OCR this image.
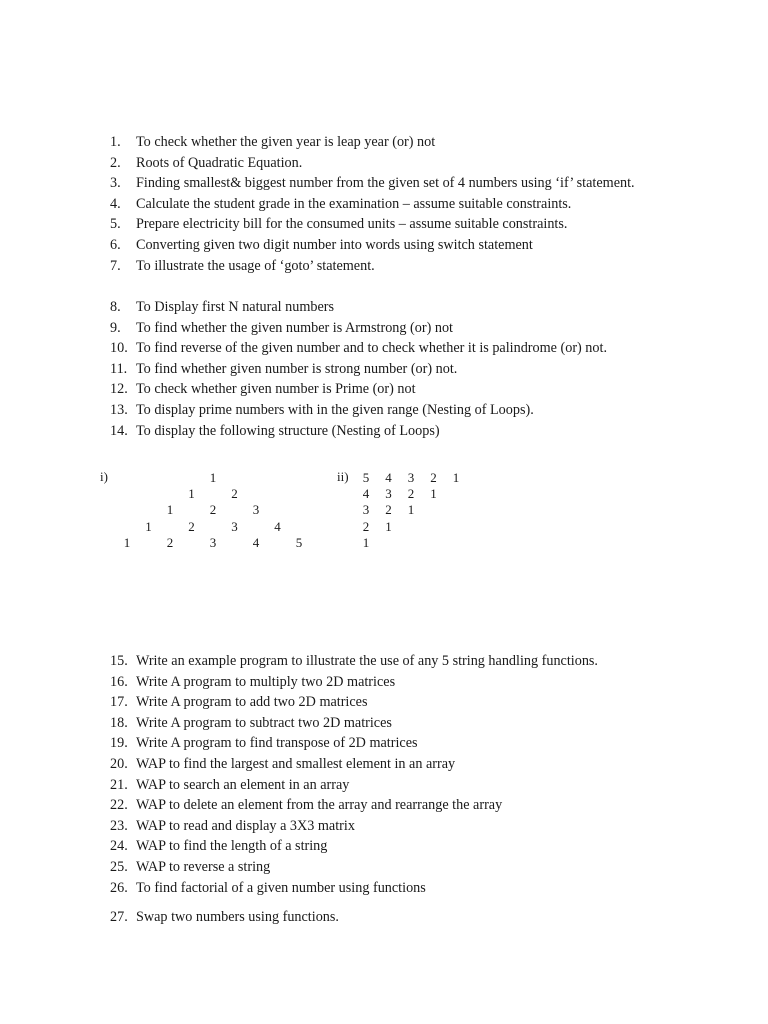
1. To check whether the given year is leap year (or) not
2. Roots of Quadratic Equation.
3. Finding smallest& biggest number from the given set of 4 numbers using ‘if’ statement.
4. Calculate the student grade in the examination – assume suitable constraints.
5. Prepare electricity bill for the consumed units – assume suitable constraints.
6. Converting given two digit number into words using switch statement
7. To illustrate the usage of ‘goto’ statement.
8. To Display first N natural numbers
9. To find whether the given number is Armstrong (or) not
10. To find reverse of the given number and to check whether it is palindrome (or) not.
11. To find whether given number is strong number (or) not.
12. To check whether given number is Prime (or) not
13. To display prime numbers with in the given range (Nesting of Loops).
14. To display the following structure (Nesting of Loops)
i)	1
1	2
1	2	3
1	2	3	4
1	2	3	4	5
ii) 5 4 3 2 1
4 3 2 1
3 2 1
2 1
1
15. Write an example program to illustrate the use of any 5 string handling functions.
16. Write A program to multiply two 2D matrices
17. Write A program to add two 2D matrices
18. Write A program to subtract two 2D matrices
19. Write A program to find transpose of 2D matrices
20. WAP to find the largest and smallest element in an array
21. WAP to search an element in an array
22. WAP to delete an element from the array and rearrange the array
23. WAP to read and display a 3X3 matrix
24. WAP to find the length of a string
25. WAP to reverse a string
26. To find factorial of a given number using functions
27. Swap two numbers using functions.
